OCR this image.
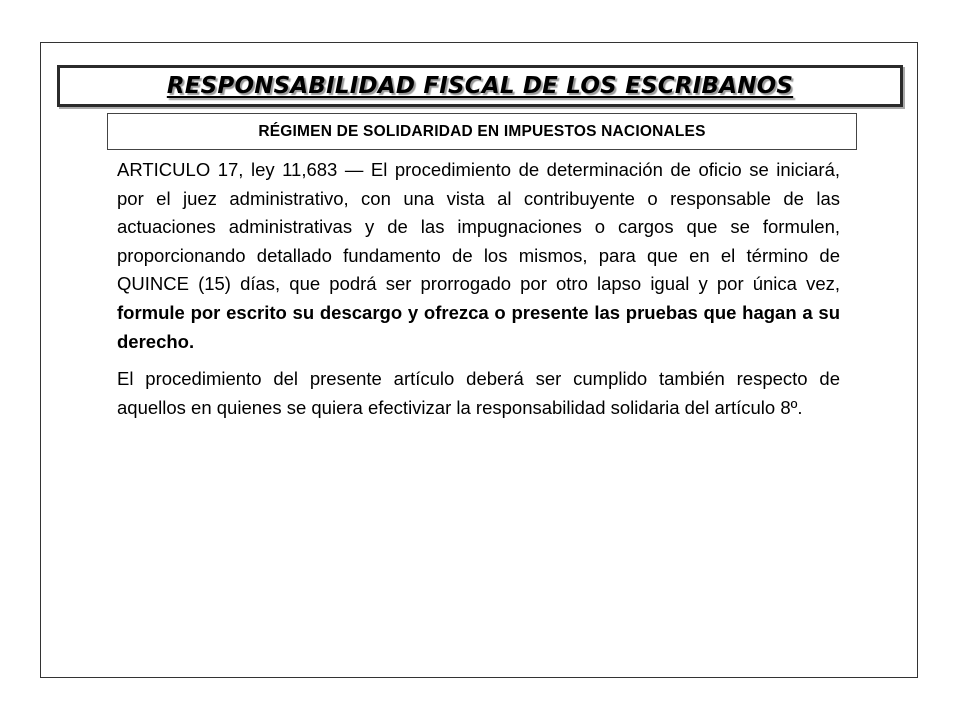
RESPONSABILIDAD FISCAL DE LOS ESCRIBANOS
RÉGIMEN DE SOLIDARIDAD EN IMPUESTOS NACIONALES

ARTICULO 17, ley 11,683 — El procedimiento de determinación de oficio se iniciará, por el juez administrativo, con una vista al contribuyente o responsable de las actuaciones administrativas y de las impugnaciones o cargos que se formulen, proporcionando detallado fundamento de los mismos, para que en el término de QUINCE (15) días, que podrá ser prorrogado por otro lapso igual y por única vez, formule por escrito su descargo y ofrezca o presente las pruebas que hagan a su derecho.

El procedimiento del presente artículo deberá ser cumplido también respecto de aquellos en quienes se quiera efectivizar la responsabilidad solidaria del artículo 8º.
